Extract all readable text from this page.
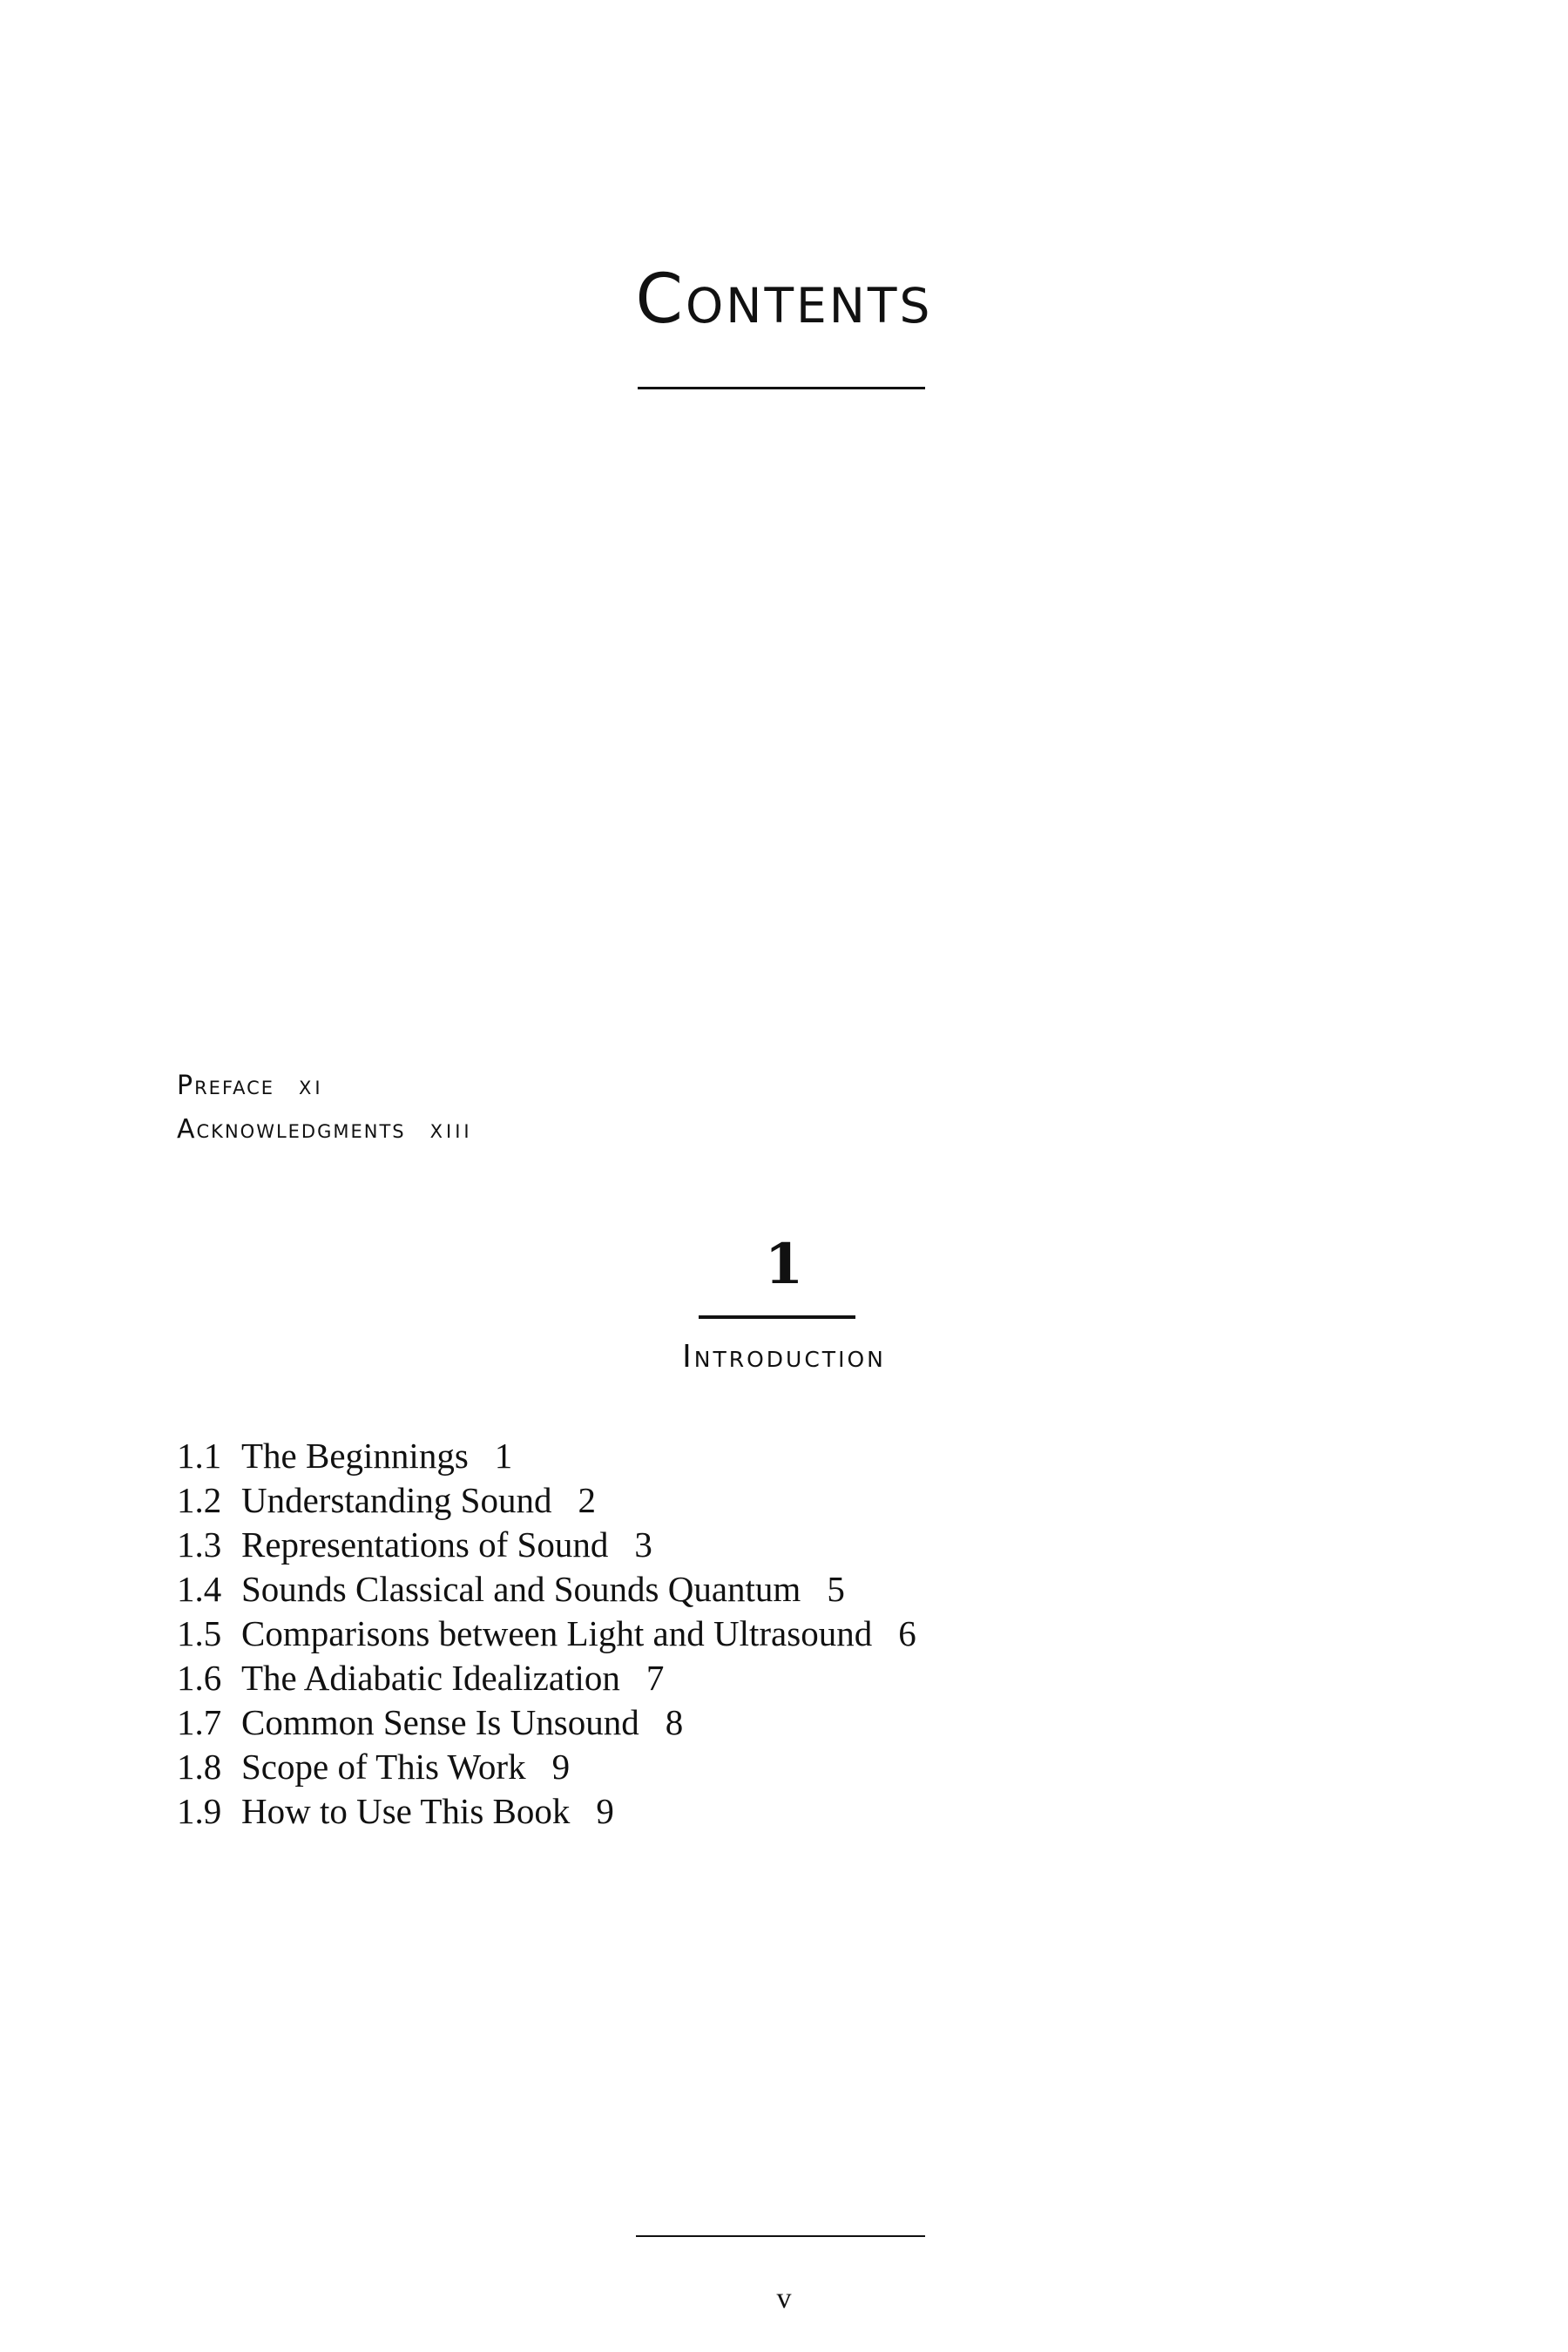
Contents
Preface xi
Acknowledgments xiii
1
Introduction
1.1 The Beginnings 1
1.2 Understanding Sound 2
1.3 Representations of Sound 3
1.4 Sounds Classical and Sounds Quantum 5
1.5 Comparisons between Light and Ultrasound 6
1.6 The Adiabatic Idealization 7
1.7 Common Sense Is Unsound 8
1.8 Scope of This Work 9
1.9 How to Use This Book 9
v
